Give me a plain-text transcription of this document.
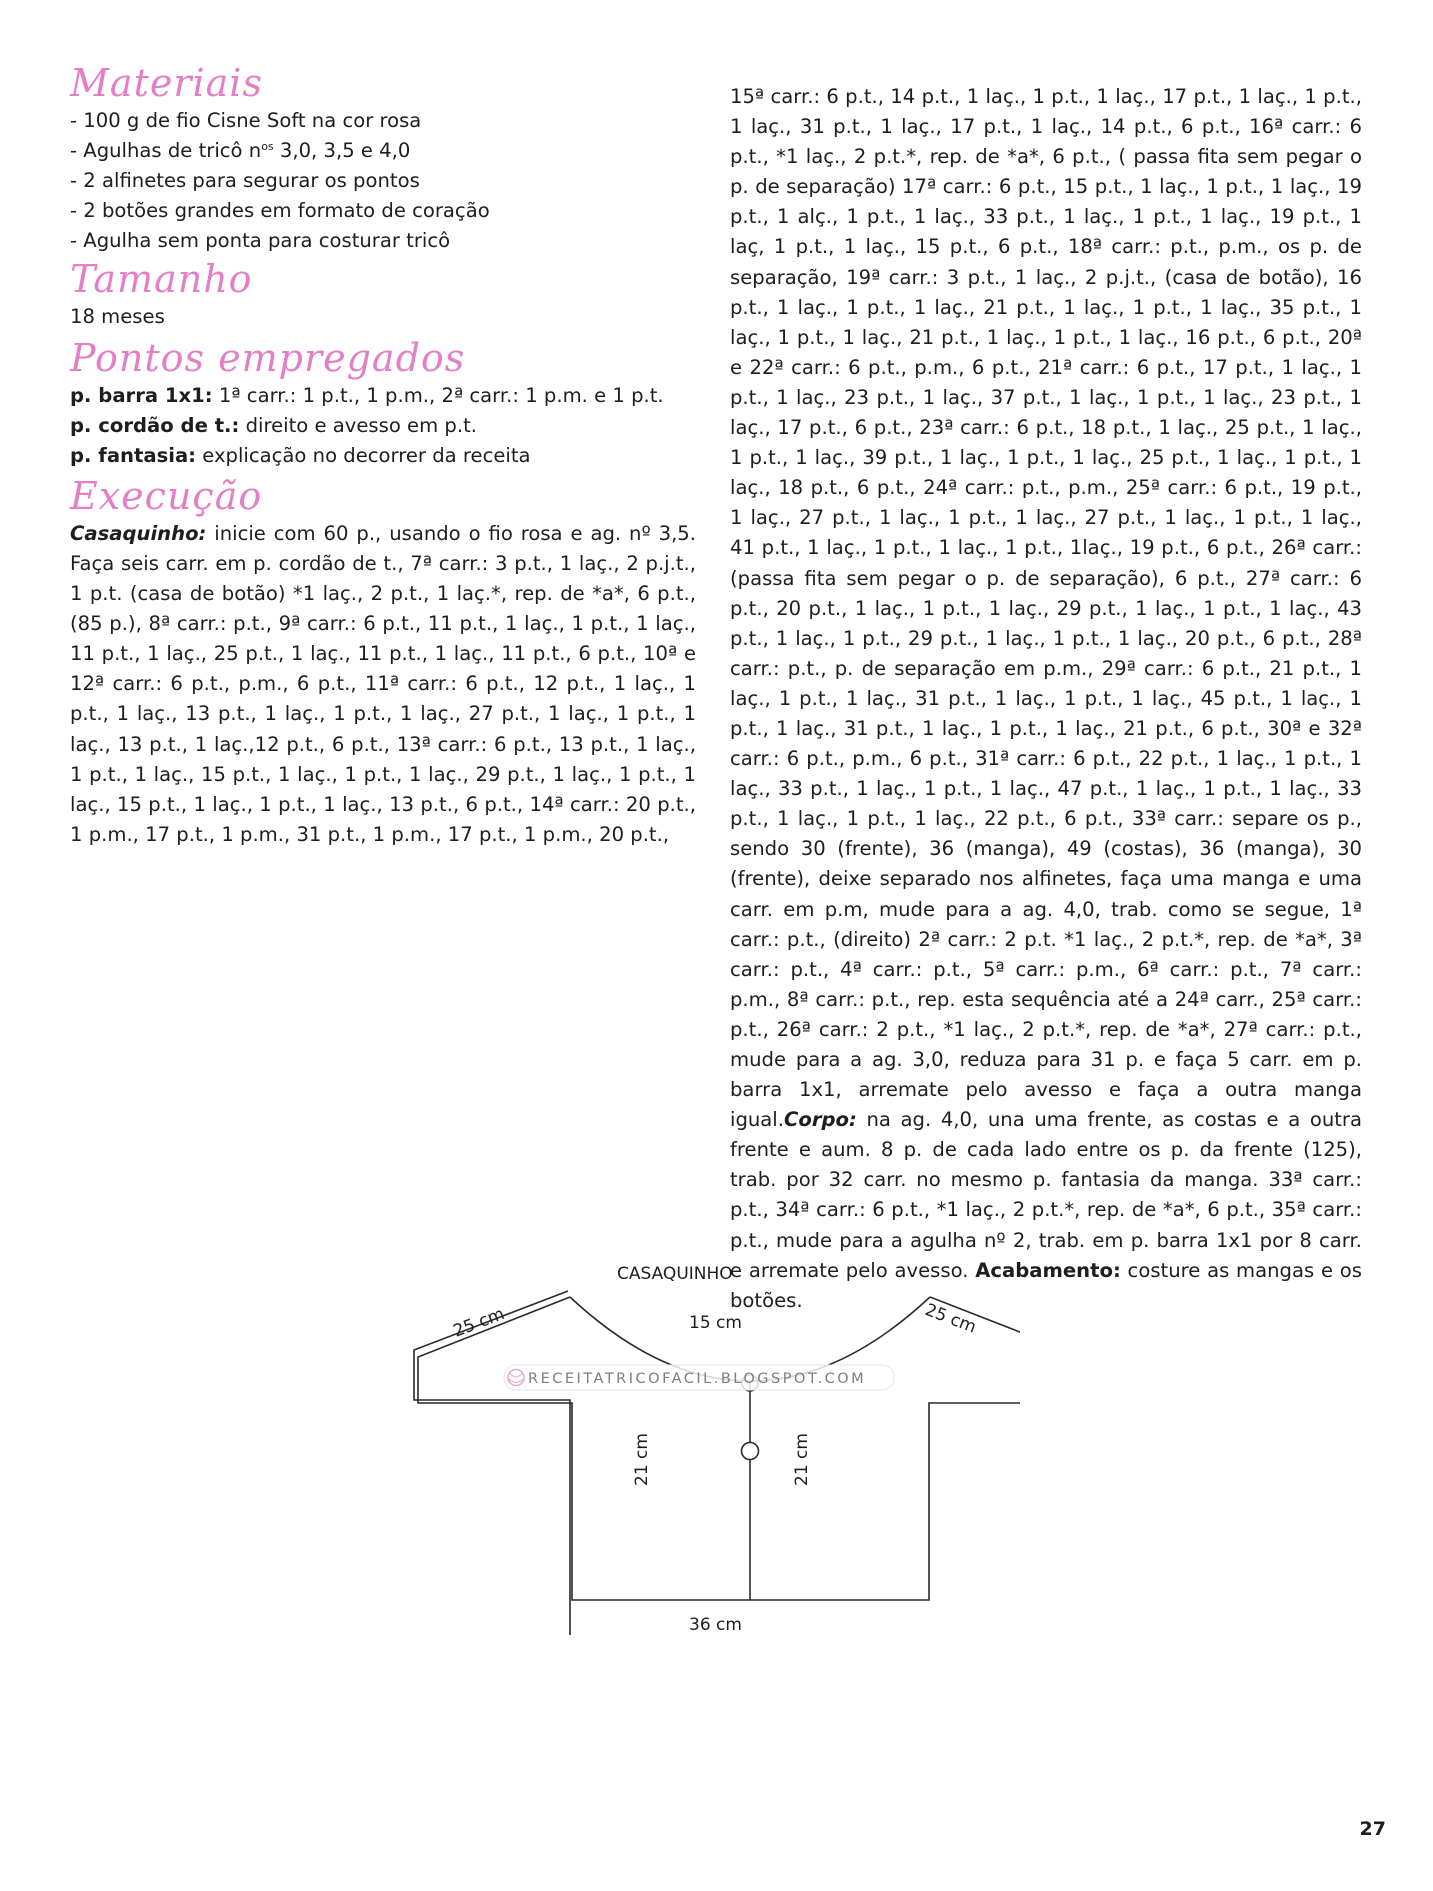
Materiais

- 100 g de fio Cisne Soft na cor rosa

- Agulhas de tricô $n^{os}$ 3,0, 3,5 e 4,0

- 2 alfinetes para segurar os pontos

- 2 botões grandes em formato de coração

- Agulha sem ponta para costurar tricô

Tamanho

18 meses

Pontos empregados

p. barra 1x1: 1ª carr.: 1 p.t., 1 p.m., 2ª carr.: 1 p.m. e 1 p.t.

p. cordão de t.: direito e avesso em p.t.

p. fantasia: explicação no decorrer da receita

Execução

Casaquinho: inicie com 60 p., usando o fio rosa e ag. nº 3,5. Faça seis carr. em p. cordão de t., 7ª carr.: 3 p.t., 1 laç., 2 p.j.t., 1 p.t. (casa de botão) *1 laç., 2 p.t., 1 laç.*, rep. de *a*, 6 p.t., (85 p.), 8ª carr.: p.t., 9ª carr.: 6 p.t., 11 p.t., 1 laç., 1 p.t., 1 laç., 11 p.t., 1 laç., 25 p.t., 1 laç., 11 p.t., 1 laç., 11 p.t., 6 p.t., 10ª e 12ª carr.: 6 p.t., p.m., 6 p.t., 11ª carr.: 6 p.t., 12 p.t., 1 laç., 1 p.t., 1 laç., 13 p.t., 1 laç., 1 p.t., 1 laç., 27 p.t., 1 laç., 1 p.t., 1 laç., 13 p.t., 1 laç.,12 p.t., 6 p.t., 13ª carr.: 6 p.t., 13 p.t., 1 laç., 1 p.t., 1 laç., 15 p.t., 1 laç., 1 p.t., 1 laç., 29 p.t., 1 laç., 1 p.t., 1 laç., 15 p.t., 1 laç., 1 p.t., 1 laç., 13 p.t., 6 p.t., 14ª carr.: 20 p.t., 1 p.m., 17 p.t., 1 p.m., 31 p.t., 1 p.m., 17 p.t., 1 p.m., 20 p.t.,

15ª carr.: 6 p.t., 14 p.t., 1 laç., 1 p.t., 1 laç., 17 p.t., 1 laç., 1 p.t., 1 laç., 31 p.t., 1 laç., 17 p.t., 1 laç., 14 p.t., 6 p.t., 16ª carr.: 6 p.t., *1 laç., 2 p.t.*, rep. de *a*, 6 p.t., ( passa fita sem pegar o p. de separação) 17ª carr.: 6 p.t., 15 p.t., 1 laç., 1 p.t., 1 laç., 19 p.t., 1 alç., 1 p.t., 1 laç., 33 p.t., 1 laç., 1 p.t., 1 laç., 19 p.t., 1 laç, 1 p.t., 1 laç., 15 p.t., 6 p.t., 18ª carr.: p.t., p.m., os p. de separação, 19ª carr.: 3 p.t., 1 laç., 2 p.j.t., (casa de botão), 16 p.t., 1 laç., 1 p.t., 1 laç., 21 p.t., 1 laç., 1 p.t., 1 laç., 35 p.t., 1 laç., 1 p.t., 1 laç., 21 p.t., 1 laç., 1 p.t., 1 laç., 16 p.t., 6 p.t., 20ª e 22ª carr.: 6 p.t., p.m., 6 p.t., 21ª carr.: 6 p.t., 17 p.t., 1 laç., 1 p.t., 1 laç., 23 p.t., 1 laç., 37 p.t., 1 laç., 1 p.t., 1 laç., 23 p.t., 1 laç., 17 p.t., 6 p.t., 23ª carr.: 6 p.t., 18 p.t., 1 laç., 25 p.t., 1 laç., 1 p.t., 1 laç., 39 p.t., 1 laç., 1 p.t., 1 laç., 25 p.t., 1 laç., 1 p.t., 1 laç., 18 p.t., 6 p.t., 24ª carr.: p.t., p.m., 25ª carr.: 6 p.t., 19 p.t., 1 laç., 27 p.t., 1 laç., 1 p.t., 1 laç., 27 p.t., 1 laç., 1 p.t., 1 laç., 41 p.t., 1 laç., 1 p.t., 1 laç., 1 p.t., 1laç., 19 p.t., 6 p.t., 26ª carr.: (passa fita sem pegar o p. de separação), 6 p.t., 27ª carr.: 6 p.t., 20 p.t., 1 laç., 1 p.t., 1 laç., 29 p.t., 1 laç., 1 p.t., 1 laç., 43 p.t., 1 laç., 1 p.t., 29 p.t., 1 laç., 1 p.t., 1 laç., 20 p.t., 6 p.t., 28ª carr.: p.t., p. de separação em p.m., 29ª carr.: 6 p.t., 21 p.t., 1 laç., 1 p.t., 1 laç., 31 p.t., 1 laç., 1 p.t., 1 laç., 45 p.t., 1 laç., 1 p.t., 1 laç., 31 p.t., 1 laç., 1 p.t., 1 laç., 21 p.t., 6 p.t., 30ª e 32ª carr.: 6 p.t., p.m., 6 p.t., 31ª carr.: 6 p.t., 22 p.t., 1 laç., 1 p.t., 1 laç., 33 p.t., 1 laç., 1 p.t., 1 laç., 47 p.t., 1 laç., 1 p.t., 1 laç., 33 p.t., 1 laç., 1 p.t., 1 laç., 22 p.t., 6 p.t., 33ª carr.: separe os p., sendo 30 (frente), 36 (manga), 49 (costas), 36 (manga), 30 (frente), deixe separado nos alfinetes, faça uma manga e uma carr. em p.m, mude para a ag. 4,0, trab. como se segue, 1ª carr.: p.t., (direito) 2ª carr.: 2 p.t. *1 laç., 2 p.t.*, rep. de *a*, 3ª carr.: p.t., 4ª carr.: p.t., 5ª carr.: p.m., 6ª carr.: p.t., 7ª carr.: p.m., 8ª carr.: p.t., rep. esta sequência até a 24ª carr., 25ª carr.: p.t., 26ª carr.: 2 p.t., *1 laç., 2 p.t.*, rep. de *a*, 27ª carr.: p.t., mude para a ag. 3,0, reduza para 31 p. e faça 5 carr. em p. barra 1x1, arremate pelo avesso e faça a outra manga igual.Corpo: na ag. 4,0, una uma frente, as costas e a outra frente e aum. 8 p. de cada lado entre os p. da frente (125), trab. por 32 carr. no mesmo p. fantasia da manga. 33ª carr.: p.t., 34ª carr.: 6 p.t., *1 laç., 2 p.t.*, rep. de *a*, 6 p.t., 35ª carr.: p.t., mude para a agulha nº 2, trab. em p. barra 1x1 por 8 carr. e arremate pelo avesso. Acabamento: costure as mangas e os botões.

CASAQUINHO
15 cm
25 cm	25 cm
21 cm	21 cm
36 cm
RECEITATRICOFACIL.BLOGSPOT.COM
27
